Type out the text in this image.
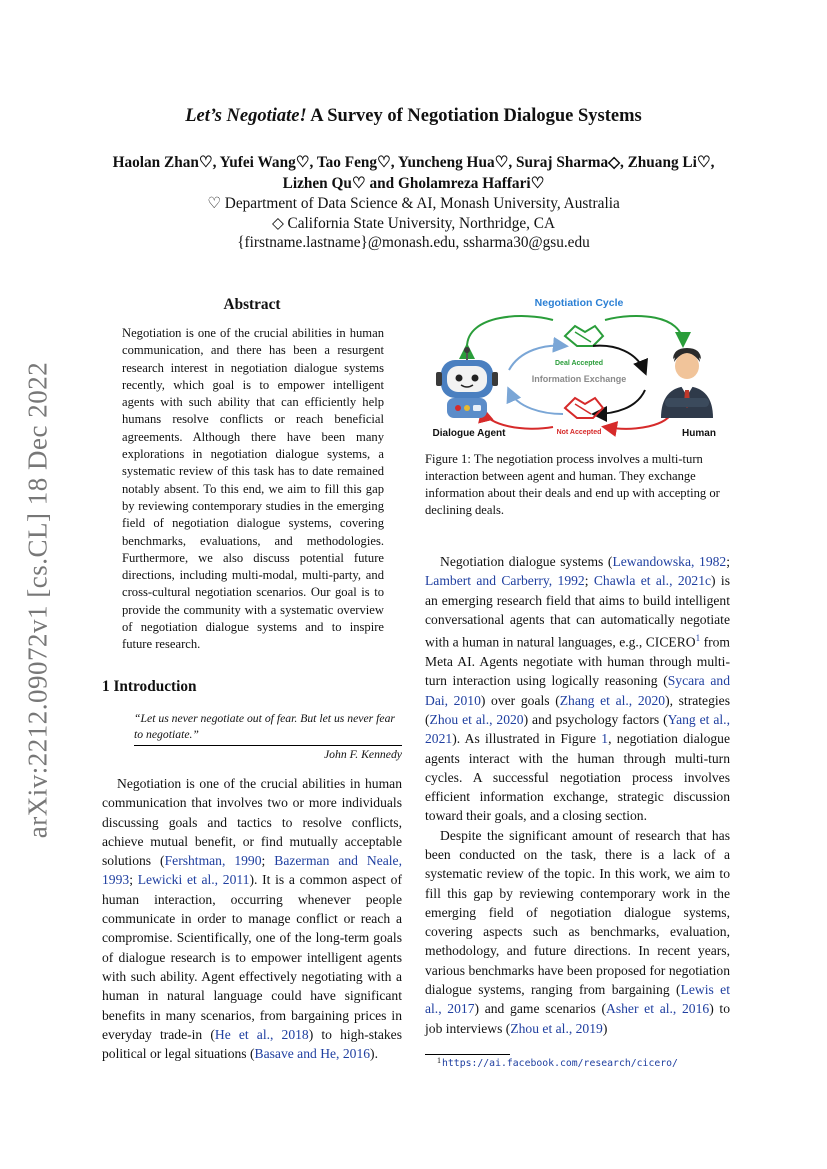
arXiv:2212.09072v1 [cs.CL] 18 Dec 2022
Let’s Negotiate! A Survey of Negotiation Dialogue Systems
Haolan Zhan♡, Yufei Wang♡, Tao Feng♡, Yuncheng Hua♡, Suraj Sharma◇, Zhuang Li♡,
Lizhen Qu♡ and Gholamreza Haffari♡
♡ Department of Data Science & AI, Monash University, Australia
◇ California State University, Northridge, CA
{firstname.lastname}@monash.edu, ssharma30@gsu.edu
Abstract
Negotiation is one of the crucial abilities in human communication, and there has been a resurgent research interest in negotiation dialogue systems recently, which goal is to empower intelligent agents with such ability that can efficiently help humans resolve conflicts or reach beneficial agreements. Although there have been many explorations in negotiation dialogue systems, a systematic review of this task has to date remained notably absent. To this end, we aim to fill this gap by reviewing contemporary studies in the emerging field of negotiation dialogue systems, covering benchmarks, evaluations, and methodologies. Furthermore, we also discuss potential future directions, including multi-modal, multi-party, and cross-cultural negotiation scenarios. Our goal is to provide the community with a systematic overview of negotiation dialogue systems and to inspire future research.
1 Introduction
“Let us never negotiate out of fear. But let us never fear to negotiate.”
John F. Kennedy
Negotiation is one of the crucial abilities in human communication that involves two or more individuals discussing goals and tactics to resolve conflicts, achieve mutual benefit, or find mutually acceptable solutions (Fershtman, 1990; Bazerman and Neale, 1993; Lewicki et al., 2011). It is a common aspect of human interaction, occurring whenever people communicate in order to manage conflict or reach a compromise. Scientifically, one of the long-term goals of dialogue research is to empower intelligent agents with such ability. Agent effectively negotiating with a human in natural language could have significant benefits in many scenarios, from bargaining prices in everyday trade-in (He et al., 2018) to high-stakes political or legal situations (Basave and He, 2016).
Negotiation Cycle
Deal Accepted
Information Exchange
Not Accepted
Dialogue Agent	Human
Figure 1: The negotiation process involves a multi-turn interaction between agent and human. They exchange information about their deals and end up with accepting or declining deals.

Negotiation dialogue systems (Lewandowska, 1982; Lambert and Carberry, 1992; Chawla et al., 2021c) is an emerging research field that aims to build intelligent conversational agents that can automatically negotiate with a human in natural languages, e.g., CICERO$^1$ from Meta AI. Agents negotiate with human through multi-turn interaction using logically reasoning (Sycara and Dai, 2010) over goals (Zhang et al., 2020), strategies (Zhou et al., 2020) and psychology factors (Yang et al., 2021). As illustrated in Figure 1, negotiation dialogue agents interact with the human through multi-turn cycles. A successful negotiation process involves efficient information exchange, strategic discussion toward their goals, and a closing section.

Despite the significant amount of research that has been conducted on the task, there is a lack of a systematic review of the topic. In this work, we aim to fill this gap by reviewing contemporary work in the emerging field of negotiation dialogue systems, covering aspects such as benchmarks, evaluation, methodology, and future directions. In recent years, various benchmarks have been proposed for negotiation dialogue systems, ranging from bargaining (Lewis et al., 2017) and game scenarios (Asher et al., 2016) to job interviews (Zhou et al., 2019)

1 https://ai.facebook.com/research/cicero/
